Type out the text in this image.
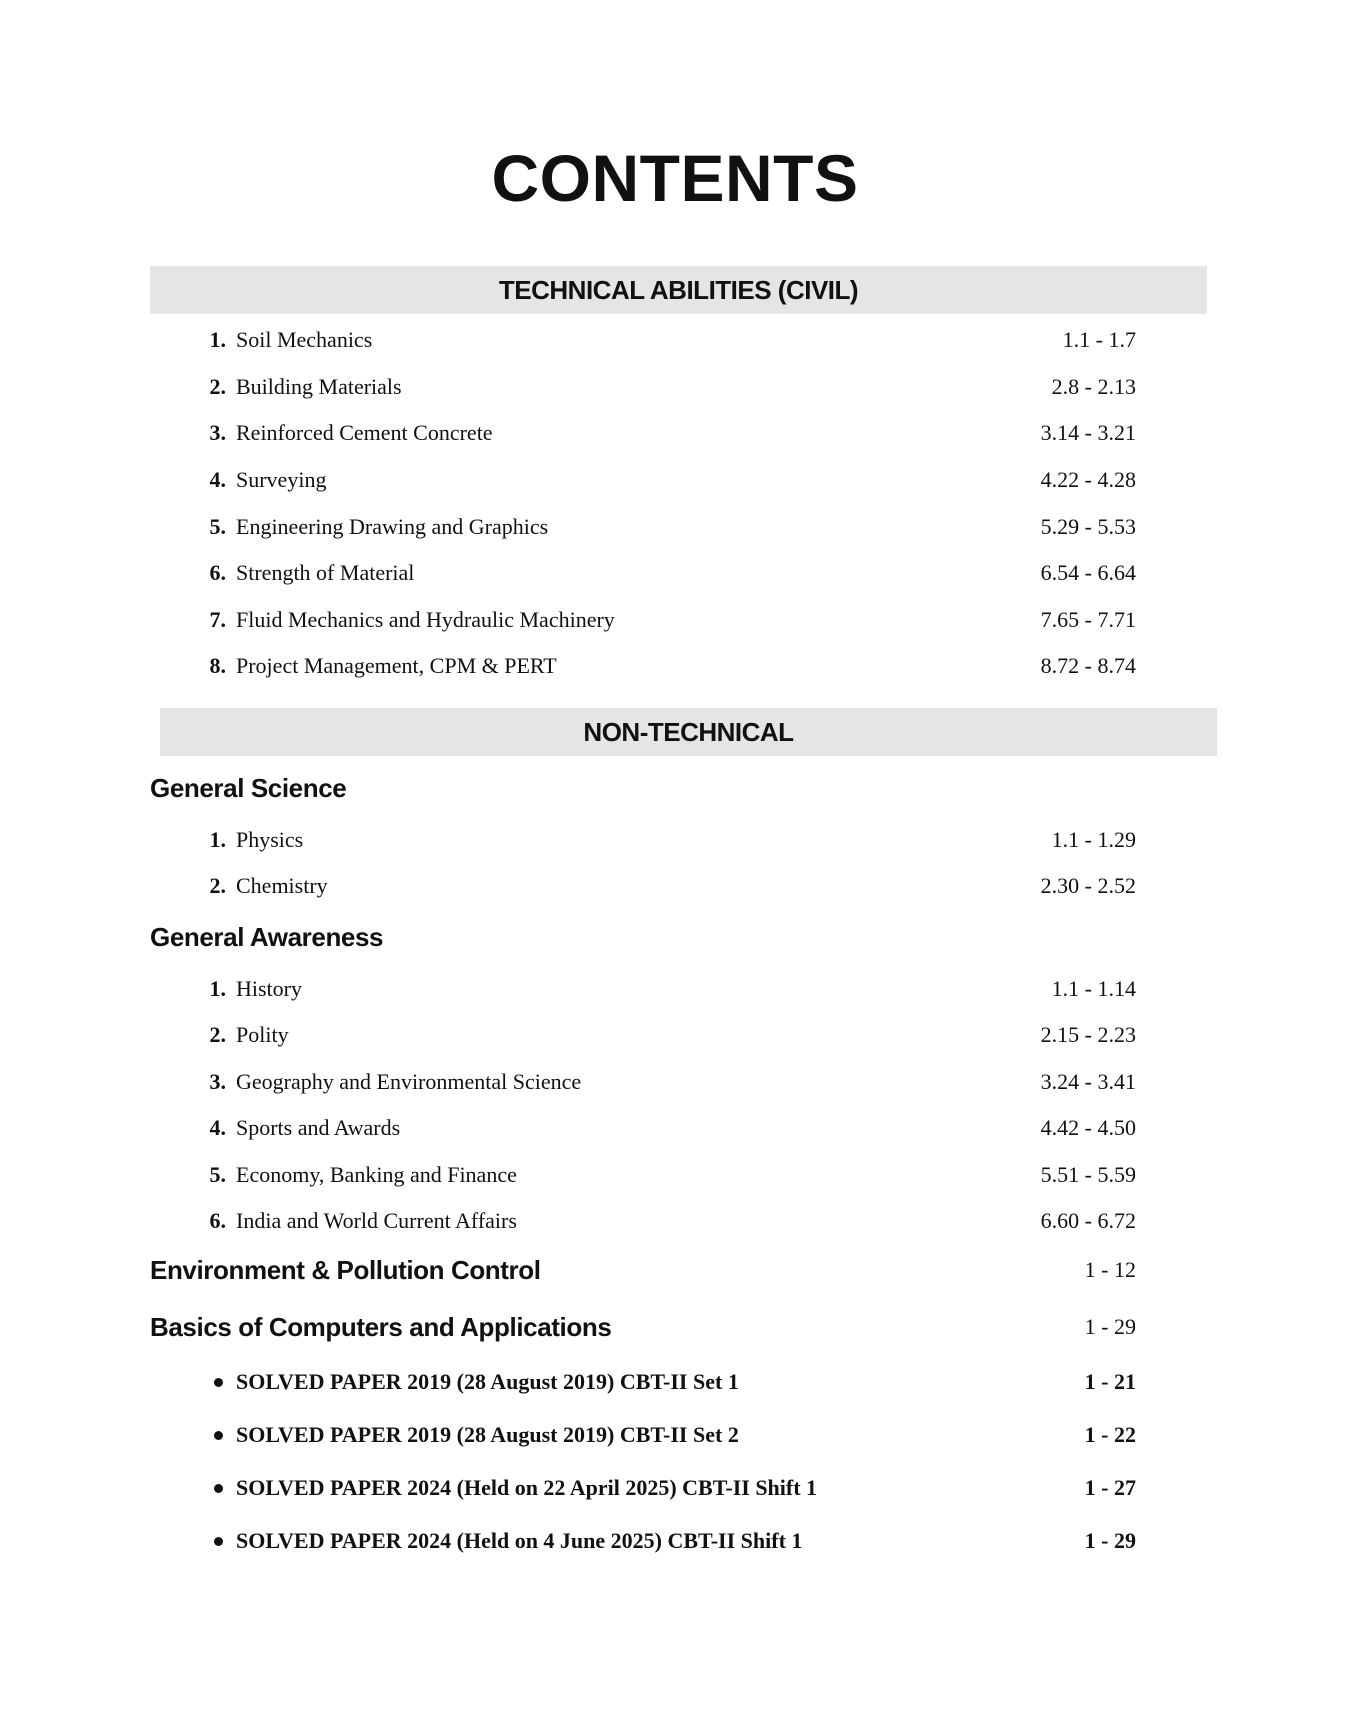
CONTENTS
TECHNICAL ABILITIES (CIVIL)
1. Soil Mechanics	1.1 - 1.7
2. Building Materials	2.8 - 2.13
3. Reinforced Cement Concrete	3.14 - 3.21
4. Surveying	4.22 - 4.28
5. Engineering Drawing and Graphics	5.29 - 5.53
6. Strength of Material	6.54 - 6.64
7. Fluid Mechanics and Hydraulic Machinery	7.65 - 7.71
8. Project Management, CPM & PERT	8.72 - 8.74
NON-TECHNICAL
General Science
1. Physics	1.1 - 1.29
2. Chemistry	2.30 - 2.52
General Awareness
1. History	1.1 - 1.14
2. Polity	2.15 - 2.23
3. Geography and Environmental Science	3.24 - 3.41
4. Sports and Awards	4.42 - 4.50
5. Economy, Banking and Finance	5.51 - 5.59
6. India and World Current Affairs	6.60 - 6.72
Environment & Pollution Control	1 - 12
Basics of Computers and Applications	1 - 29
SOLVED PAPER 2019 (28 August 2019) CBT-II Set 1	1 - 21
SOLVED PAPER 2019 (28 August 2019) CBT-II Set 2	1 - 22
SOLVED PAPER 2024 (Held on 22 April 2025) CBT-II Shift 1	1 - 27
SOLVED PAPER 2024 (Held on 4 June 2025) CBT-II Shift 1	1 - 29
